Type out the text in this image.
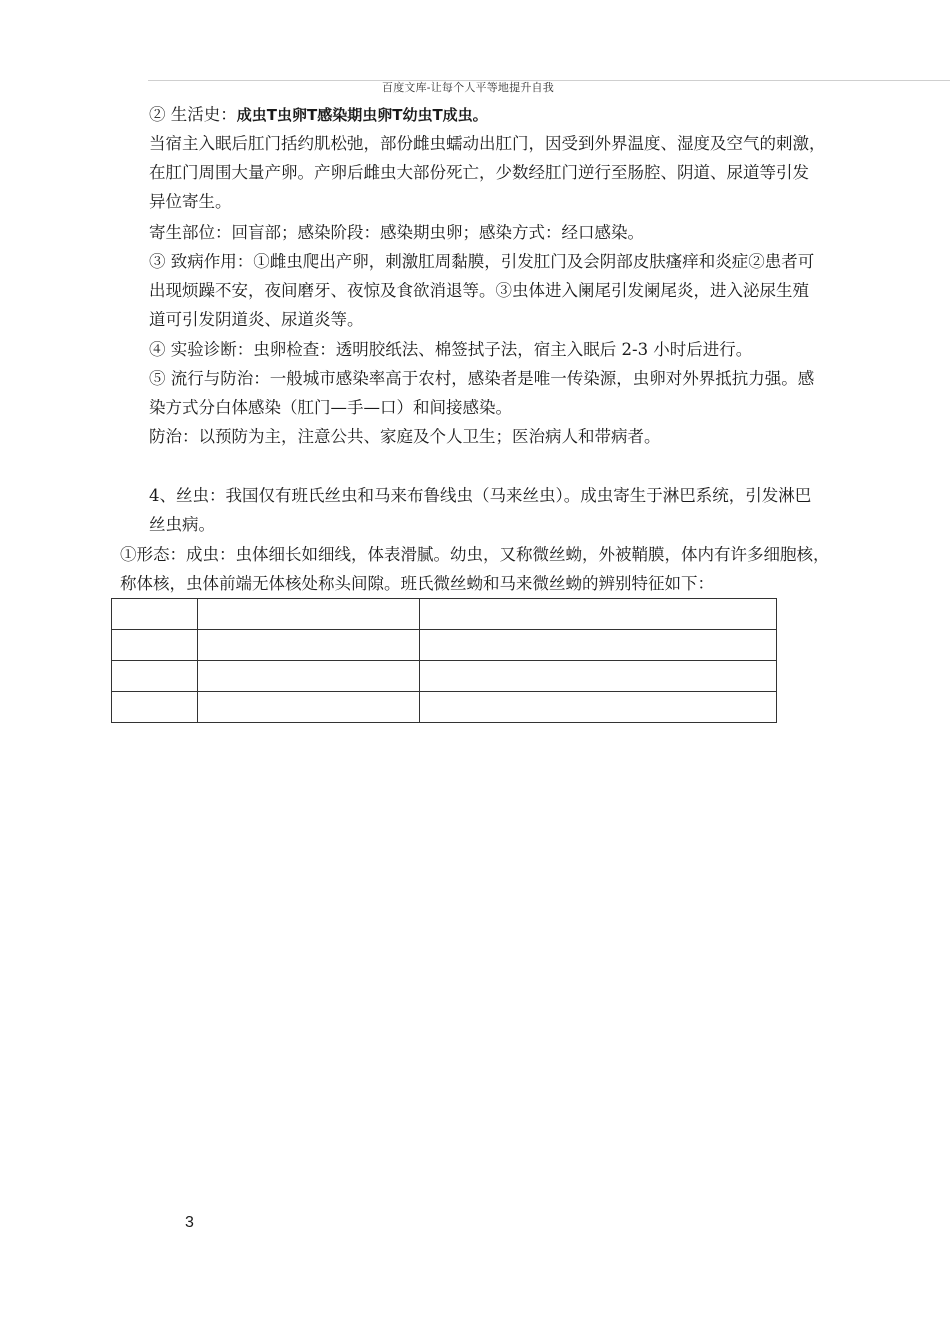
百度文库-让每个人平等地提升自我
② 生活史：成虫T虫卵T感染期虫卵T幼虫T成虫。
当宿主入眠后肛门括约肌松弛，部份雌虫蠕动出肛门，因受到外界温度、湿度及空气的刺激，
在肛门周围大量产卵。产卵后雌虫大部份死亡，少数经肛门逆行至肠腔、阴道、尿道等引发
异位寄生。
寄生部位：回盲部；感染阶段：感染期虫卵；感染方式：经口感染。
③ 致病作用：①雌虫爬出产卵，刺激肛周黏膜，引发肛门及会阴部皮肤瘙痒和炎症②患者可
出现烦躁不安，夜间磨牙、夜惊及食欲消退等。③虫体进入阑尾引发阑尾炎，进入泌尿生殖
道可引发阴道炎、尿道炎等。
④ 实验诊断：虫卵检查：透明胶纸法、棉签拭子法，宿主入眠后 2-3 小时后进行。
⑤ 流行与防治：一般城市感染率高于农村，感染者是唯一传染源，虫卵对外界抵抗力强。感
染方式分白体感染（肛门—手—口）和间接感染。
防治：以预防为主，注意公共、家庭及个人卫生；医治病人和带病者。
4、丝虫：我国仅有班氏丝虫和马来布鲁线虫（马来丝虫）。成虫寄生于淋巴系统，引发淋巴
丝虫病。
①形态：成虫：虫体细长如细线，体表滑腻。幼虫，又称微丝蚴，外被鞘膜，体内有许多细胞核，
称体核，虫体前端无体核处称头间隙。班氏微丝蚴和马来微丝蚴的辨别特征如下：

3
